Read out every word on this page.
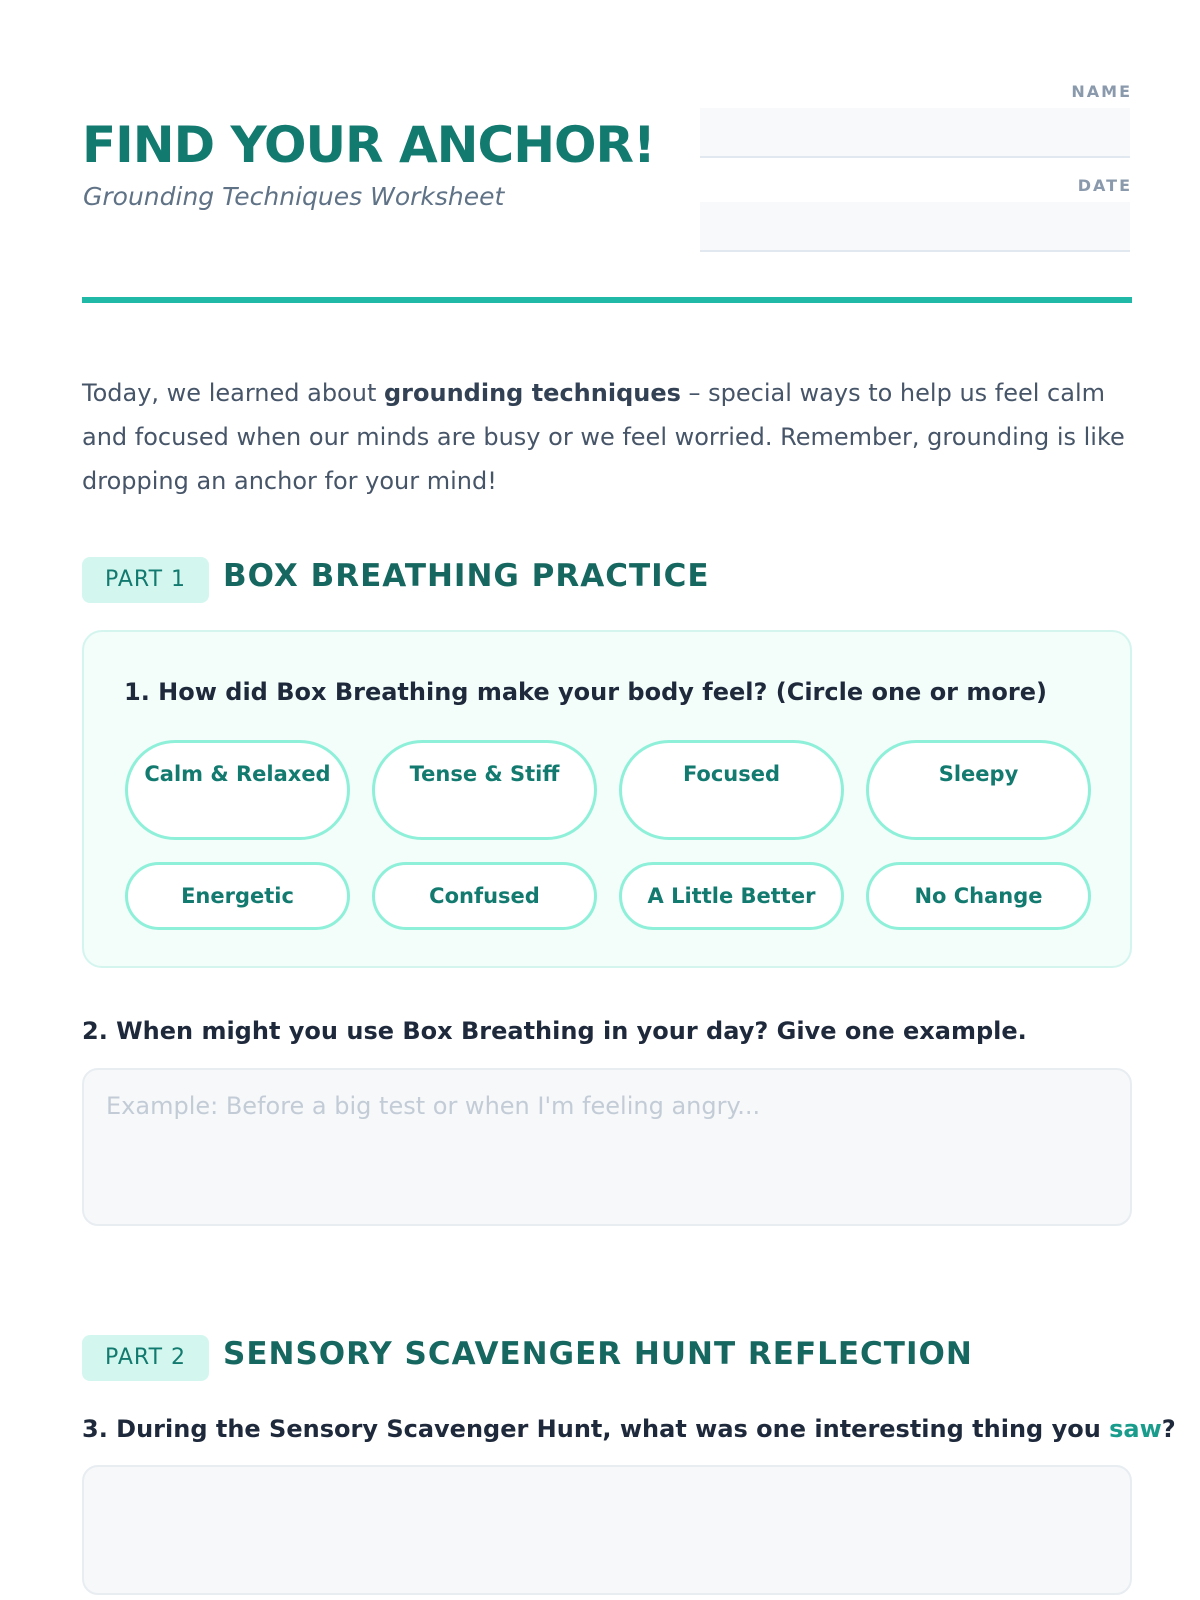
FIND YOUR ANCHOR!
Grounding Techniques Worksheet
NAME
DATE

Today, we learned about grounding techniques – special ways to help us feel calm and focused when our minds are busy or we feel worried. Remember, grounding is like dropping an anchor for your mind!

PART 1	BOX BREATHING PRACTICE
1. How did Box Breathing make your body feel? (Circle one or more)
Calm & Relaxed	Tense & Stiff	Focused	Sleepy
Energetic	Confused	A Little Better	No Change
2. When might you use Box Breathing in your day? Give one example.
Example: Before a big test or when I'm feeling angry...
PART 2	SENSORY SCAVENGER HUNT REFLECTION
3. During the Sensory Scavenger Hunt, what was one interesting thing you saw?
